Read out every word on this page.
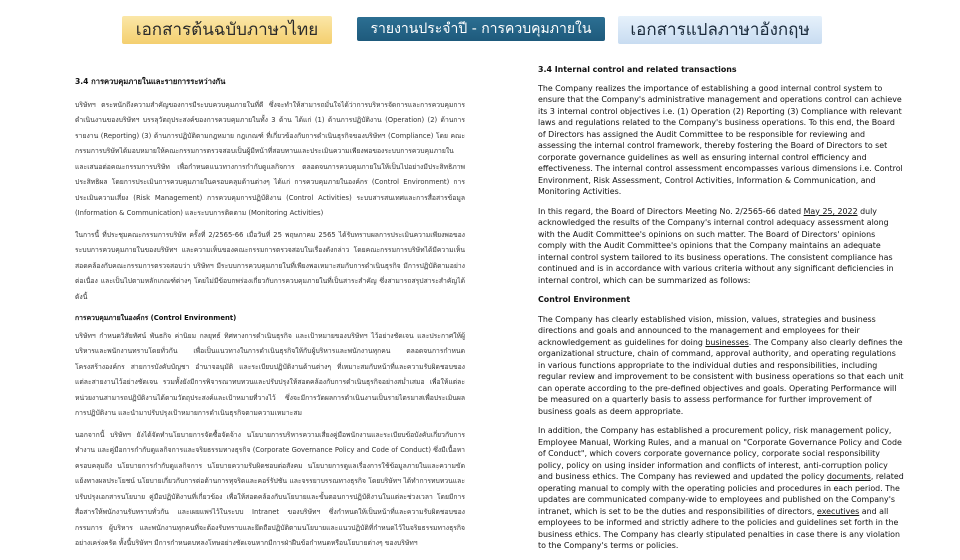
เอกสารต้นฉบับภาษาไทย	รายงานประจำปี - การควบคุมภายใน	เอกสารแปลภาษาอังกฤษ
3.4 การควบคุมภายในและรายการระหว่างกัน
บริษัทฯ ตระหนักถึงความสำคัญของการมีระบบควบคุมภายในที่ดี ซึ่งจะทำให้สามารถมั่นใจได้ว่าการบริหารจัดการและการควบคุมการดำเนินงานของบริษัทฯ บรรลุวัตถุประสงค์ของการควบคุมภายในทั้ง 3 ด้าน ได้แก่ (1) ด้านการปฏิบัติงาน (Operation) (2) ด้านการรายงาน (Reporting) (3) ด้านการปฏิบัติตามกฎหมาย กฎเกณฑ์ ที่เกี่ยวข้องกับการดำเนินธุรกิจของบริษัทฯ (Compliance) โดย คณะกรรมการบริษัทได้มอบหมายให้คณะกรรมการตรวจสอบเป็นผู้มีหน้าที่สอบทานและประเมินความเพียงพอของระบบการควบคุมภายใน และเสนอต่อคณะกรรมการบริษัท เพื่อกำหนดแนวทางการกำกับดูแลกิจการ ตลอดจนการควบคุมภายในให้เป็นไปอย่างมีประสิทธิภาพประสิทธิผล โดยการประเมินการควบคุมภายในครอบคลุมด้านต่างๆ ได้แก่ การควบคุมภายในองค์กร (Control Environment) การประเมินความเสี่ยง (Risk Management) การควบคุมการปฏิบัติงาน (Control Activities) ระบบสารสนเทศและการสื่อสารข้อมูล (Information & Communication) และระบบการติดตาม (Monitoring Activities)
ในการนี้ ที่ประชุมคณะกรรมการบริษัท ครั้งที่ 2/2565-66 เมื่อวันที่ 25 พฤษภาคม 2565 ได้รับทราบผลการประเมินความเพียงพอของระบบการควบคุมภายในของบริษัทฯ และความเห็นของคณะกรรมการตรวจสอบในเรื่องดังกล่าว โดยคณะกรรมการบริษัทได้มีความเห็นสอดคล้องกับคณะกรรมการตรวจสอบว่า บริษัทฯ มีระบบการควบคุมภายในที่เพียงพอเหมาะสมกับการดำเนินธุรกิจ มีการปฏิบัติตามอย่างต่อเนื่อง และเป็นไปตามหลักเกณฑ์ต่างๆ โดยไม่มีข้อบกพร่องเกี่ยวกับการควบคุมภายในที่เป็นสาระสำคัญ ซึ่งสามารถสรุปสาระสำคัญได้ดังนี้
การควบคุมภายในองค์กร (Control Environment)
บริษัทฯ กำหนดวิสัยทัศน์ พันธกิจ ค่านิยม กลยุทธ์ ทิศทางการดำเนินธุรกิจ และเป้าหมายของบริษัทฯ ไว้อย่างชัดเจน และประกาศให้ผู้บริหารและพนักงานทราบโดยทั่วกัน เพื่อเป็นแนวทางในการดำเนินธุรกิจให้กับผู้บริหารและพนักงานทุกคน ตลอดจนการกำหนดโครงสร้างองค์กร สายการบังคับบัญชา อำนาจอนุมัติ และระเบียบปฏิบัติงานด้านต่างๆ ที่เหมาะสมกับหน้าที่และความรับผิดชอบของแต่ละสายงานไว้อย่างชัดเจน รวมทั้งยังมีการพิจารณาทบทวนและปรับปรุงให้สอดคล้องกับการดำเนินธุรกิจอย่างสม่ำเสมอ เพื่อให้แต่ละหน่วยงานสามารถปฏิบัติงานได้ตามวัตถุประสงค์และเป้าหมายที่วางไว้ ซึ่งจะมีการวัดผลการดำเนินงานเป็นรายไตรมาสเพื่อประเมินผลการปฏิบัติงาน และนำมาปรับปรุงเป้าหมายการดำเนินธุรกิจตามความเหมาะสม
นอกจากนี้ บริษัทฯ ยังได้จัดทำนโยบายการจัดซื้อจัดจ้าง นโยบายการบริหารความเสี่ยงคู่มือพนักงานและระเบียบข้อบังคับเกี่ยวกับการทำงาน และคู่มือการกำกับดูแลกิจการและจริยธรรมทางธุรกิจ (Corporate Governance Policy and Code of Conduct) ซึ่งมีเนื้อหาครอบคลุมถึง นโยบายการกำกับดูแลกิจการ นโยบายความรับผิดชอบต่อสังคม นโยบายการดูแลเรื่องการใช้ข้อมูลภายในและความขัดแย้งทางผลประโยชน์ นโยบายเกี่ยวกับการต่อต้านการทุจริตและคอร์รัปชัน และจรรยาบรรณทางธุรกิจ โดยบริษัทฯ ได้ทำการทบทวนและปรับปรุงเอกสารนโยบาย คู่มือปฏิบัติงานที่เกี่ยวข้อง เพื่อให้สอดคล้องกับนโยบายและขั้นตอนการปฏิบัติงานในแต่ละช่วงเวลา โดยมีการสื่อสารให้พนักงานรับทราบทั่วกัน และเผยแพร่ไว้ในระบบ Intranet ของบริษัทฯ ซึ่งกำหนดให้เป็นหน้าที่และความรับผิดชอบของกรรมการ ผู้บริหาร และพนักงานทุกคนที่จะต้องรับทราบและยึดถือปฏิบัติตามนโยบายและแนวปฏิบัติที่กำหนดไว้ในจริยธรรมทางธุรกิจอย่างเคร่งครัด ทั้งนี้บริษัทฯ มีการกำหนดบทลงโทษอย่างชัดเจนหากมีการฝ่าฝืนข้อกำหนดหรือนโยบายต่างๆ ของบริษัทฯ
3.4 Internal control and related transactions
The Company realizes the importance of establishing a good internal control system to ensure that the Company's administrative management and operations control can achieve its 3 internal control objectives i.e. (1) Operation (2) Reporting (3) Compliance with relevant laws and regulations related to the Company's business operations. To this end, the Board of Directors has assigned the Audit Committee to be responsible for reviewing and assessing the internal control framework, thereby fostering the Board of Directors to set corporate governance guidelines as well as ensuring internal control efficiency and effectiveness. The internal control assessment encompasses various dimensions i.e. Control Environment, Risk Assessment, Control Activities, Information & Communication, and Monitoring Activities.
In this regard, the Board of Directors Meeting No. 2/2565-66 dated May 25, 2022 duly acknowledged the results of the Company's internal control adequacy assessment along with the Audit Committee's opinions on such matter. The Board of Directors' opinions comply with the Audit Committee's opinions that the Company maintains an adequate internal control system tailored to its business operations. The consistent compliance has continued and is in accordance with various criteria without any significant deficiencies in internal control, which can be summarized as follows:
Control Environment
The Company has clearly established vision, mission, values, strategies and business directions and goals and announced to the management and employees for their acknowledgement as guidelines for doing businesses. The Company also clearly defines the organizational structure, chain of command, approval authority, and operating regulations in various functions appropriate to the individual duties and responsibilities, including regular review and improvement to be consistent with business operations so that each unit can operate according to the pre-defined objectives and goals. Operating Performance will be measured on a quarterly basis to assess performance for further improvement of business goals as deem appropriate.
In addition, the Company has established a procurement policy, risk management policy, Employee Manual, Working Rules, and a manual on "Corporate Governance Policy and Code of Conduct", which covers corporate governance policy, corporate social responsibility policy, policy on using insider information and conflicts of interest, anti-corruption policy and business ethics. The Company has reviewed and updated the policy documents, related operating manual to comply with the operating policies and procedures in each period. The updates are communicated company-wide to employees and published on the Company's intranet, which is set to be the duties and responsibilities of directors, executives and all employees to be informed and strictly adhere to the policies and guidelines set forth in the business ethics. The Company has clearly stipulated penalties in case there is any violation to the Company's terms or policies.
